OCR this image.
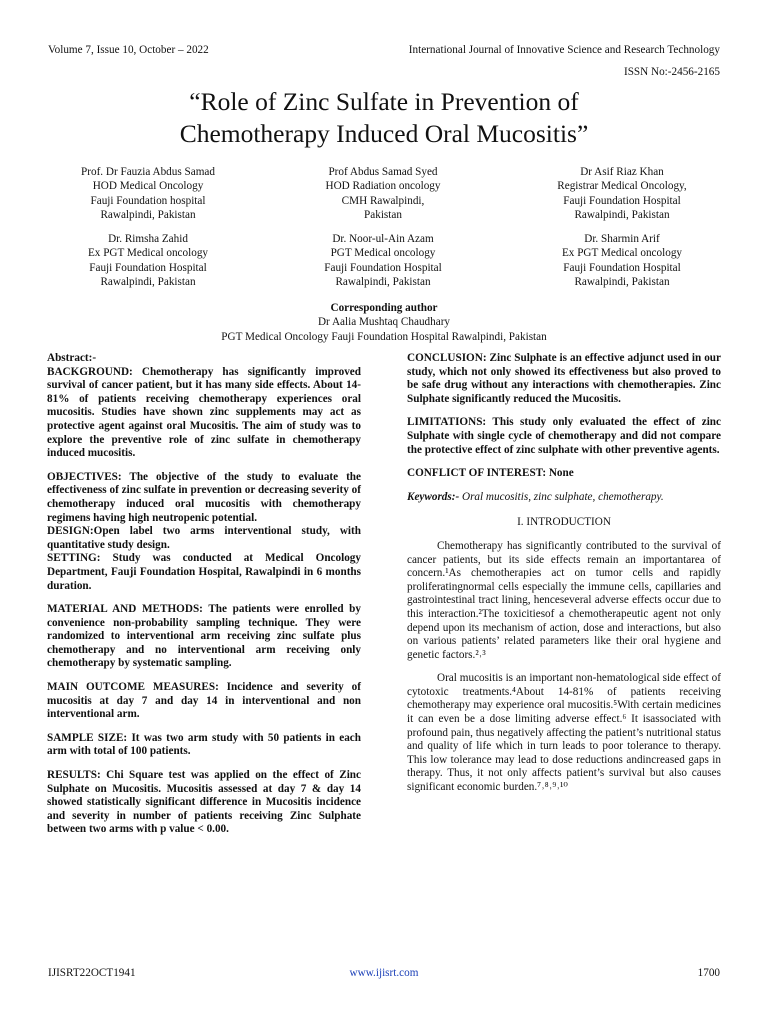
Volume 7, Issue 10, October – 2022	International Journal of Innovative Science and Research Technology
ISSN No:-2456-2165
“Role of Zinc Sulfate in Prevention of
Chemotherapy Induced Oral Mucositis”
Prof. Dr Fauzia Abdus Samad
HOD Medical Oncology
Fauji Foundation hospital
Rawalpindi, Pakistan
Prof Abdus Samad Syed
HOD Radiation oncology
CMH Rawalpindi,
Pakistan
Dr Asif Riaz Khan
Registrar Medical Oncology,
Fauji Foundation Hospital
Rawalpindi, Pakistan
Dr. Rimsha Zahid
Ex PGT Medical oncology
Fauji Foundation Hospital
Rawalpindi, Pakistan
Dr. Noor-ul-Ain Azam
PGT Medical oncology
Fauji Foundation Hospital
Rawalpindi, Pakistan
Dr. Sharmin Arif
Ex PGT Medical oncology
Fauji Foundation Hospital
Rawalpindi, Pakistan
Corresponding author
Dr Aalia Mushtaq Chaudhary
PGT Medical Oncology Fauji Foundation Hospital Rawalpindi, Pakistan
Abstract:-
BACKGROUND: Chemotherapy has significantly improved survival of cancer patient, but it has many side effects. About 14-81% of patients receiving chemotherapy experiences oral mucositis. Studies have shown zinc supplements may act as protective agent against oral Mucositis. The aim of study was to explore the preventive role of zinc sulfate in chemotherapy induced mucositis.
OBJECTIVES: The objective of the study to evaluate the effectiveness of zinc sulfate in prevention or decreasing severity of chemotherapy induced oral mucositis with chemotherapy regimens having high neutropenic potential.
DESIGN:Open label two arms interventional study, with quantitative study design.
SETTING: Study was conducted at Medical Oncology Department, Fauji Foundation Hospital, Rawalpindi in 6 months duration.
MATERIAL AND METHODS: The patients were enrolled by convenience non-probability sampling technique. They were randomized to interventional arm receiving zinc sulfate plus chemotherapy and no interventional arm receiving only chemotherapy by systematic sampling.
MAIN OUTCOME MEASURES: Incidence and severity of mucositis at day 7 and day 14 in interventional and non interventional arm.
SAMPLE SIZE: It was two arm study with 50 patients in each arm with total of 100 patients.
RESULTS: Chi Square test was applied on the effect of Zinc Sulphate on Mucositis. Mucositis assessed at day 7 & day 14 showed statistically significant difference in Mucositis incidence and severity in number of patients receiving Zinc Sulphate between two arms with p value < 0.00.
CONCLUSION: Zinc Sulphate is an effective adjunct used in our study, which not only showed its effectiveness but also proved to be safe drug without any interactions with chemotherapies. Zinc Sulphate significantly reduced the Mucositis.
LIMITATIONS: This study only evaluated the effect of zinc Sulphate with single cycle of chemotherapy and did not compare the protective effect of zinc sulphate with other preventive agents.
CONFLICT OF INTEREST: None
Keywords:- Oral mucositis, zinc sulphate, chemotherapy.
I. INTRODUCTION
Chemotherapy has significantly contributed to the survival of cancer patients, but its side effects remain an importantarea of concern.¹As chemotherapies act on tumor cells and rapidly proliferatingnormal cells especially the immune cells, capillaries and gastrointestinal tract lining, henceseveral adverse effects occur due to this interaction.²The toxicitiesof a chemotherapeutic agent not only depend upon its mechanism of action, dose and interactions, but also on various patients’ related parameters like their oral hygiene and genetic factors.²˒³
Oral mucositis is an important non-hematological side effect of cytotoxic treatments.⁴About 14-81% of patients receiving chemotherapy may experience oral mucositis.⁵With certain medicines it can even be a dose limiting adverse effect.⁶ It isassociated with profound pain, thus negatively affecting the patient’s nutritional status and quality of life which in turn leads to poor tolerance to therapy. This low tolerance may lead to dose reductions andincreased gaps in therapy. Thus, it not only affects patient’s survival but also causes significant economic burden.⁷˒⁸˒⁹˒¹⁰
IJISRT22OCT1941	www.ijisrt.com	1700
